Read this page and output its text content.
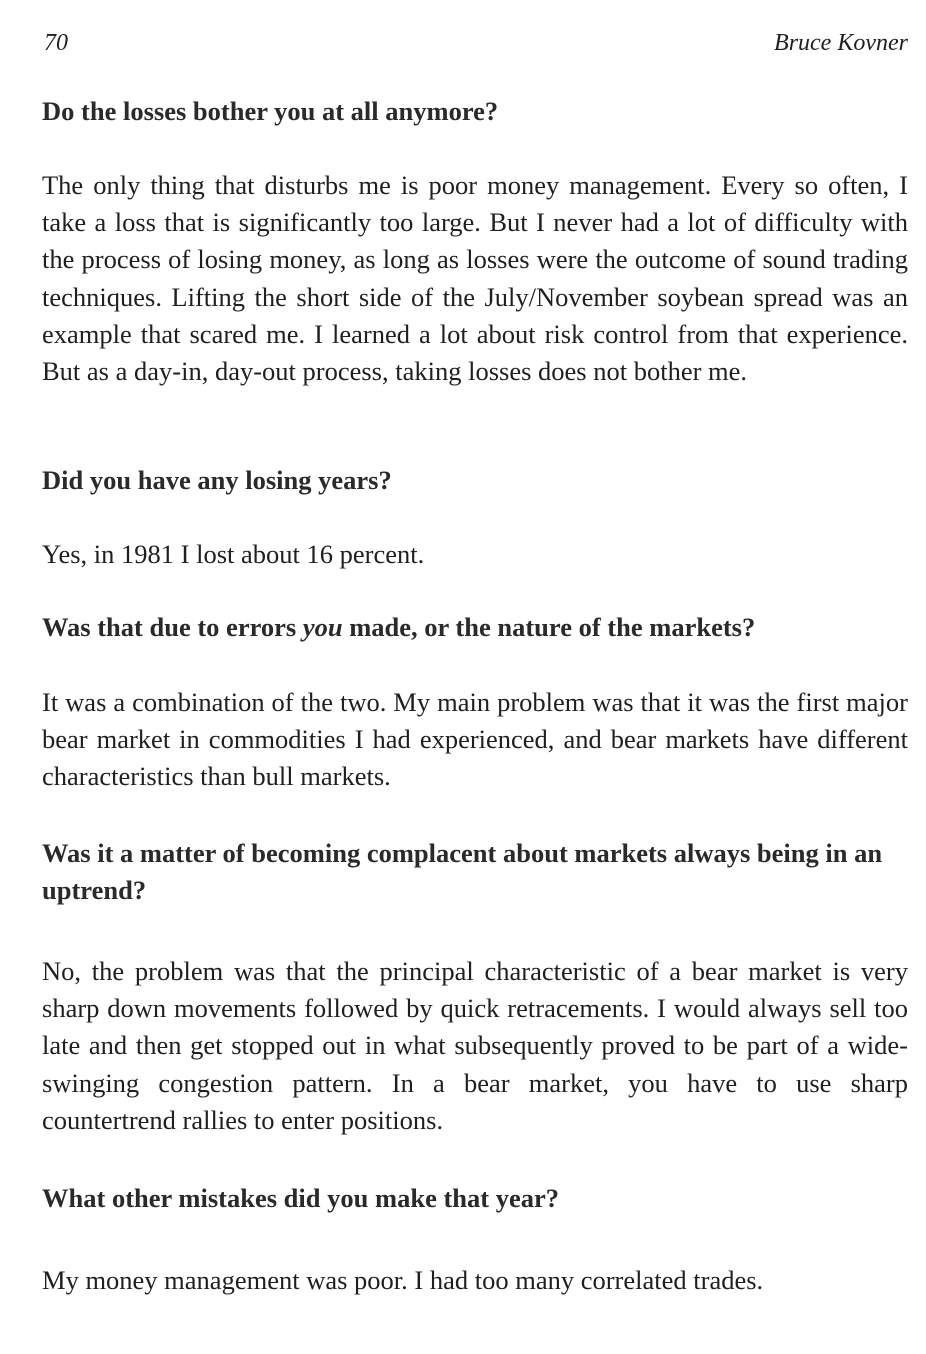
70	Bruce Kovner

Do the losses bother you at all anymore?

The only thing that disturbs me is poor money management. Every so often, I take a loss that is significantly too large. But I never had a lot of difficulty with the process of losing money, as long as losses were the outcome of sound trading techniques. Lifting the short side of the July/November soybean spread was an example that scared me. I learned a lot about risk control from that experience. But as a day-in, day-out process, taking losses does not bother me.

Did you have any losing years?

Yes, in 1981 I lost about 16 percent.

Was that due to errors you made, or the nature of the markets?

It was a combination of the two. My main problem was that it was the first major bear market in commodities I had experienced, and bear markets have different characteristics than bull markets.

Was it a matter of becoming complacent about markets always being in an uptrend?

No, the problem was that the principal characteristic of a bear market is very sharp down movements followed by quick retracements. I would always sell too late and then get stopped out in what subsequently proved to be part of a wide-swinging congestion pattern. In a bear market, you have to use sharp countertrend rallies to enter positions.

What other mistakes did you make that year?

My money management was poor. I had too many correlated trades.
